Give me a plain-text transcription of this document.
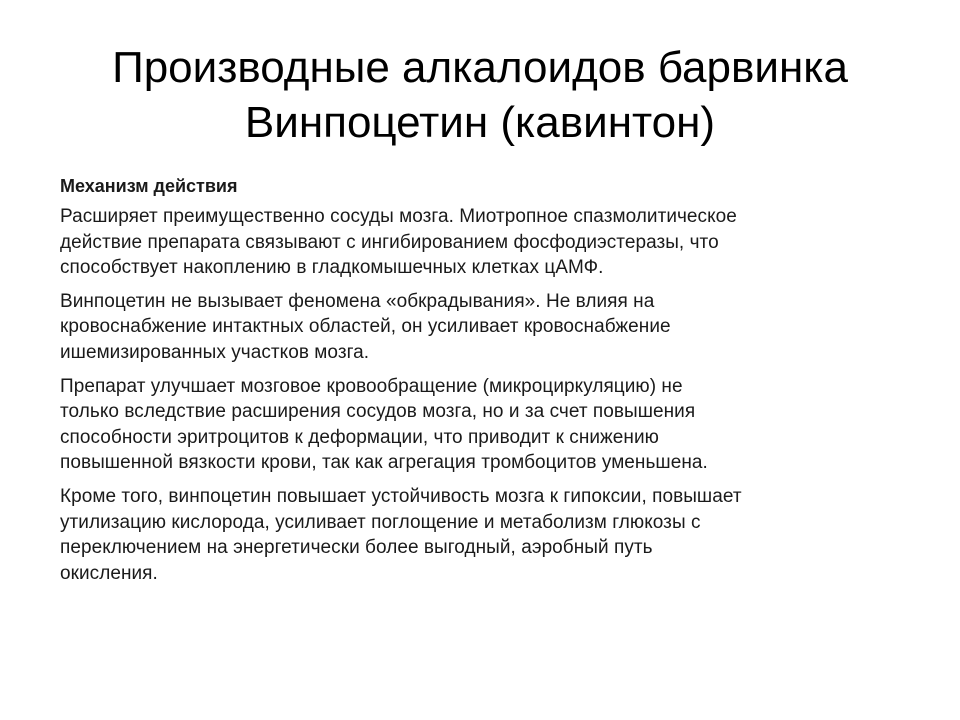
Производные алкалоидов барвинка
Винпоцетин (кавинтон)
Механизм действия
Расширяет преимущественно сосуды мозга. Миотропное спазмолитическое
действие препарата связывают с ингибированием фосфодиэстеразы, что
способствует накоплению в гладкомышечных клетках цАМФ.
Винпоцетин не вызывает феномена «обкрадывания». Не влияя на
кровоснабжение интактных областей, он усиливает кровоснабжение
ишемизированных участков мозга.
Препарат улучшает мозговое кровообращение (микроциркуляцию) не
только вследствие расширения сосудов мозга, но и за счет повышения
способности эритроцитов к деформации, что приводит к снижению
повышенной вязкости крови, так как агрегация тромбоцитов уменьшена.
Кроме того, винпоцетин повышает устойчивость мозга к гипоксии, повышает
утилизацию кислорода, усиливает поглощение и метаболизм глюкозы с
переключением на энергетически более выгодный, аэробный путь
окисления.
